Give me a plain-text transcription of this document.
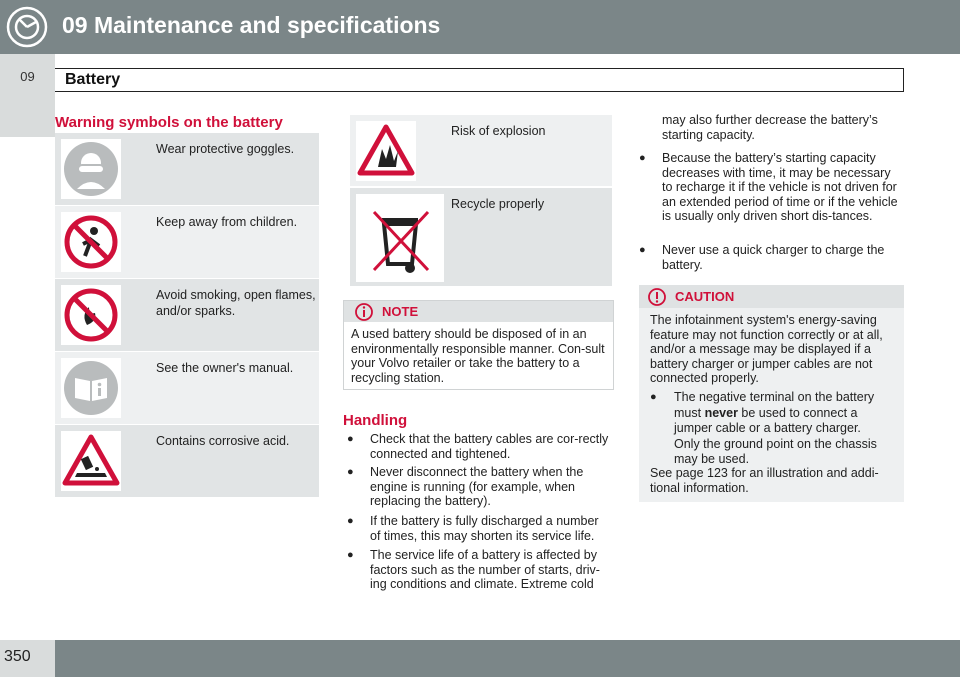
09 Maintenance and specifications
09	Battery
Warning symbols on the battery
Wear protective goggles.
Keep away from children.
Avoid smoking, open flames, and/or sparks.
See the owner's manual.
Contains corrosive acid.
Risk of explosion
Recycle properly
NOTE
A used battery should be disposed of in an environmentally responsible manner. Con-sult your Volvo retailer or take the battery to a recycling station.
Handling
● Check that the battery cables are cor-rectly connected and tightened.
● Never disconnect the battery when the engine is running (for example, when replacing the battery).
● If the battery is fully discharged a number of times, this may shorten its service life.
● The service life of a battery is affected by factors such as the number of starts, driv-ing conditions and climate. Extreme cold
may also further decrease the battery’s starting capacity.
● Because the battery’s starting capacity decreases with time, it may be necessary to recharge it if the vehicle is not driven for an extended period of time or if the vehicle is usually only driven short dis-tances.
● Never use a quick charger to charge the battery.
CAUTION
The infotainment system's energy-saving feature may not function correctly or at all, and/or a message may be displayed if a battery charger or jumper cables are not connected properly.
● The negative terminal on the battery must never be used to connect a jumper cable or a battery charger. Only the ground point on the chassis may be used.
See page 123 for an illustration and addi-tional information.
350
